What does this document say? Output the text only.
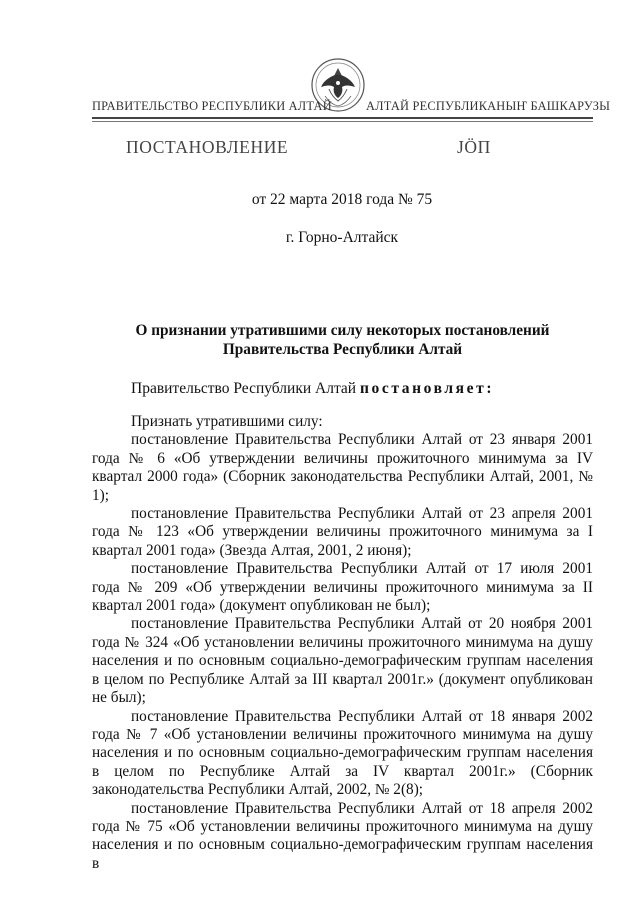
ПРАВИТЕЛЬСТВО РЕСПУБЛИКИ АЛТАЙ	АЛТАЙ РЕСПУБЛИКАНЫҤ БАШКАРУЗЫ
ПОСТАНОВЛЕНИЕ	ЈӦП
от 22 марта 2018 года № 75
г. Горно-Алтайск
О признании утратившими силу некоторых постановлений
Правительства Республики Алтай
Правительство Республики Алтай постановляет:

Признать утратившими силу:

постановление Правительства Республики Алтай от 23 января 2001 года № 6 «Об утверждении величины прожиточного минимума за IV квартал 2000 года» (Сборник законодательства Республики Алтай, 2001, № 1);

постановление Правительства Республики Алтай от 23 апреля 2001 года № 123 «Об утверждении величины прожиточного минимума за I квартал 2001 года» (Звезда Алтая, 2001, 2 июня);

постановление Правительства Республики Алтай от 17 июля 2001 года № 209 «Об утверждении величины прожиточного минимума за II квартал 2001 года» (документ опубликован не был);

постановление Правительства Республики Алтай от 20 ноября 2001 года № 324 «Об установлении величины прожиточного минимума на душу населения и по основным социально-демографическим группам населения в целом по Республике Алтай за III квартал 2001г.» (документ опубликован не был);

постановление Правительства Республики Алтай от 18 января 2002 года № 7 «Об установлении величины прожиточного минимума на душу населения и по основным социально-демографическим группам населения в целом по Республике Алтай за IV квартал 2001г.» (Сборник законодательства Республики Алтай, 2002, № 2(8);

постановление Правительства Республики Алтай от 18 апреля 2002 года № 75 «Об установлении величины прожиточного минимума на душу населения и по основным социально-демографическим группам населения в
